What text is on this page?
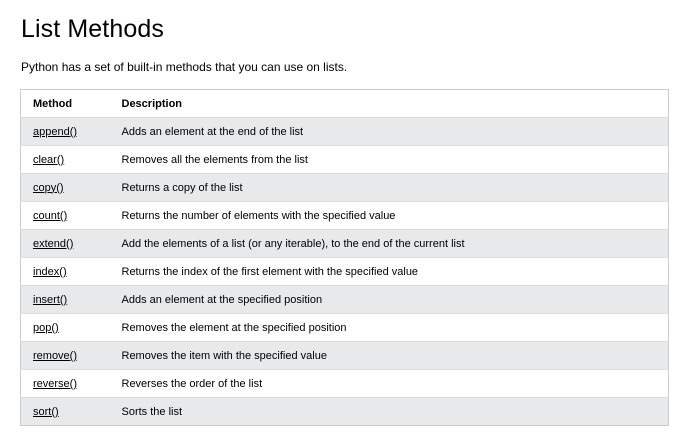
List Methods

Python has a set of built-in methods that you can use on lists.

Method	Description
append()	Adds an element at the end of the list
clear()	Removes all the elements from the list
copy()	Returns a copy of the list
count()	Returns the number of elements with the specified value
extend()	Add the elements of a list (or any iterable), to the end of the current list
index()	Returns the index of the first element with the specified value
insert()	Adds an element at the specified position
pop()	Removes the element at the specified position
remove()	Removes the item with the specified value
reverse()	Reverses the order of the list
sort()	Sorts the list
